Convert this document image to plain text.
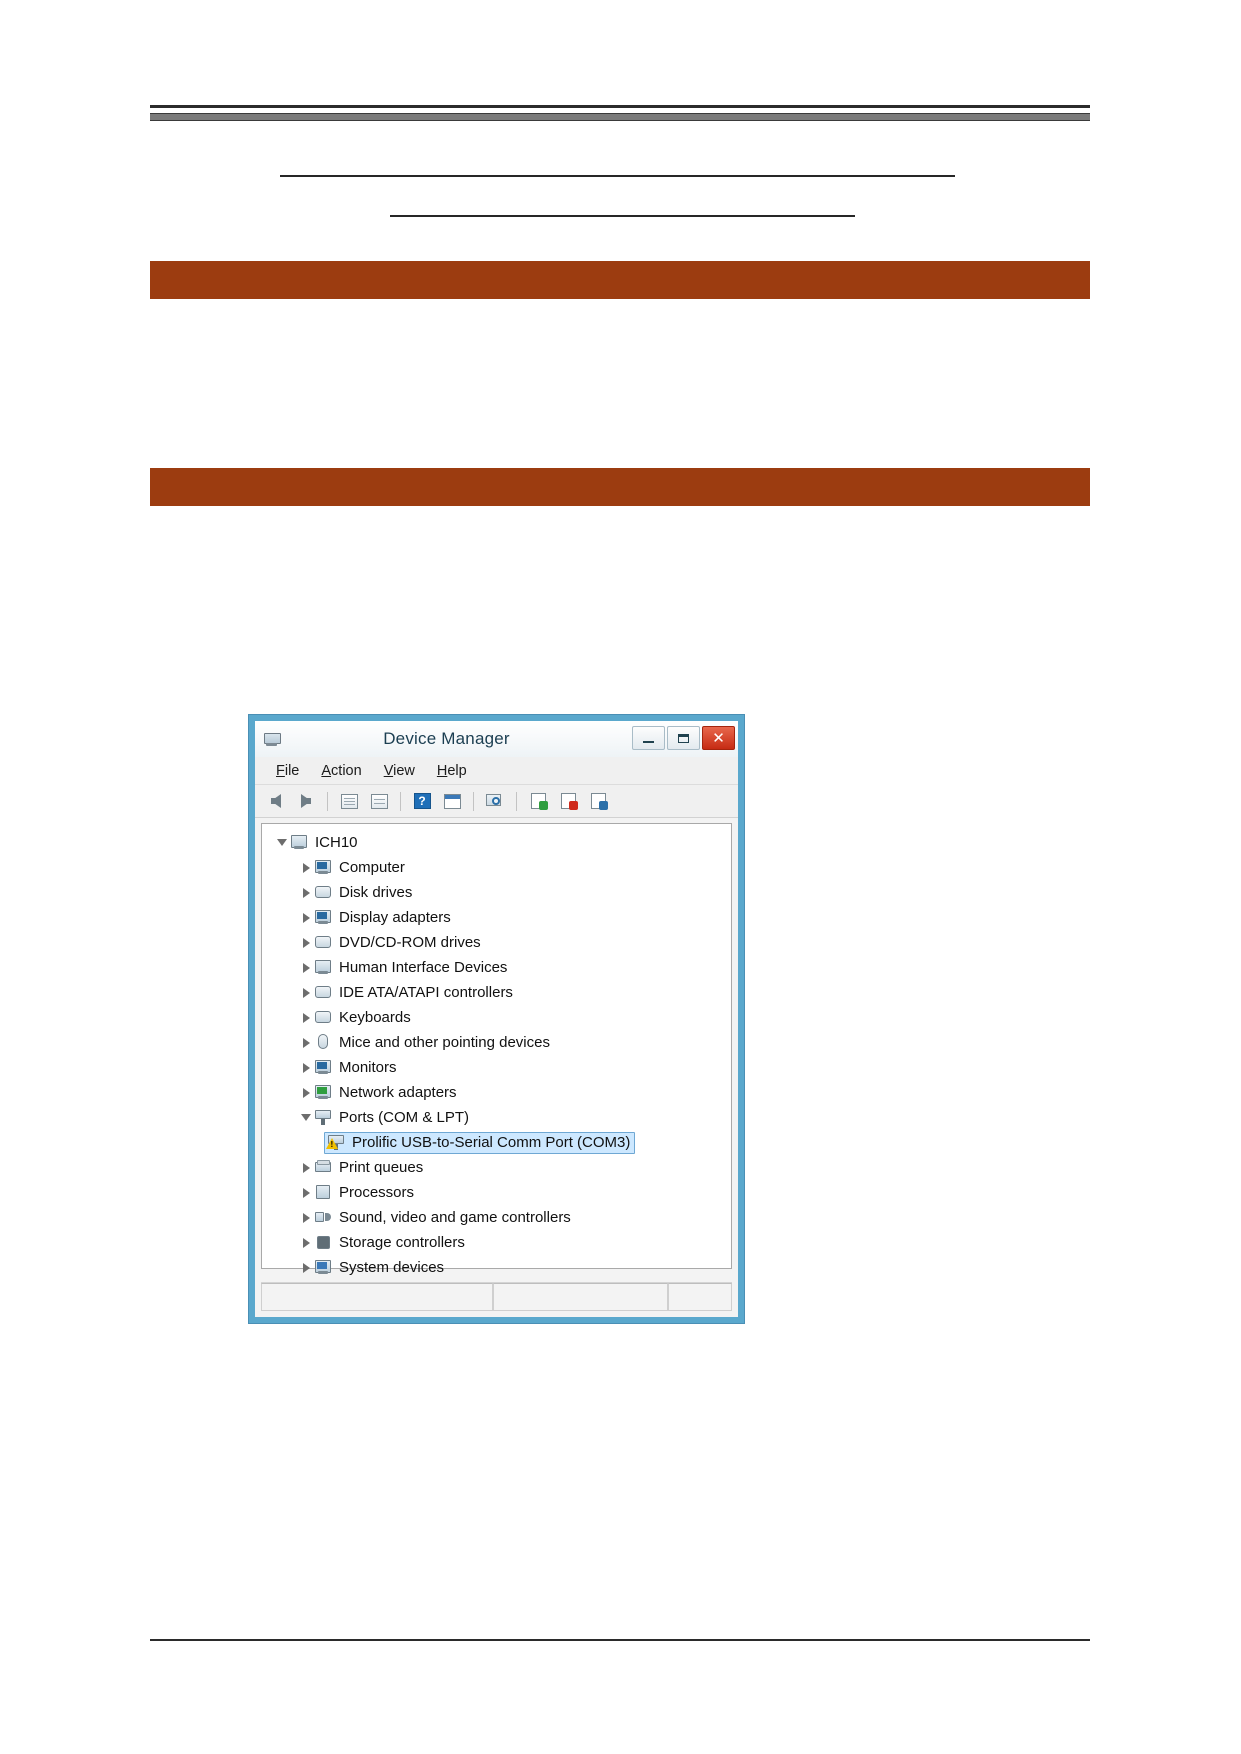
Device Manager	✕
File	Action	View	Help
?
ICH10
Computer
Disk drives
Display adapters
DVD/CD-ROM drives
Human Interface Devices
IDE ATA/ATAPI controllers
Keyboards
Mice and other pointing devices
Monitors
Network adapters
Ports (COM & LPT)
!
Prolific USB-to-Serial Comm Port (COM3)
Print queues
Processors
Sound, video and game controllers
Storage controllers
System devices
